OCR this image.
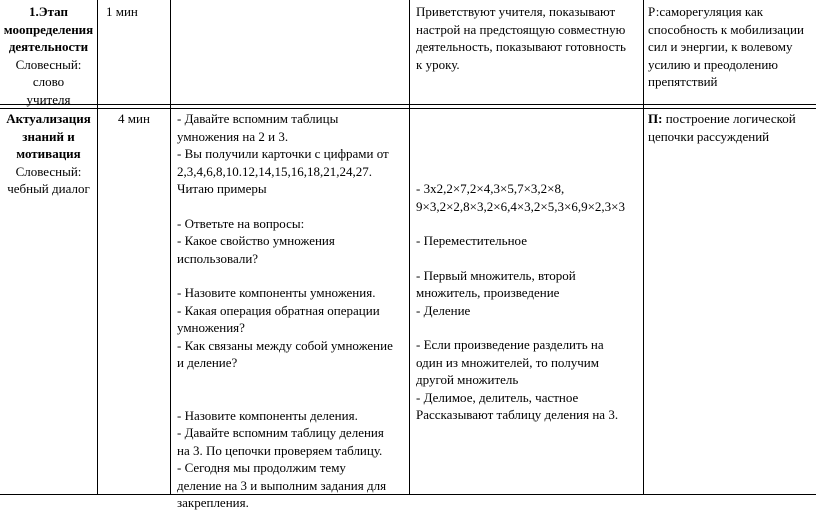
1.Этап
моопределения
деятельности
Словесный: слово
учителя
1 мин	Приветствуют учителя, показывают
настрой на предстоящую совместную
деятельность, показывают готовность
к уроку.
Р:саморегуляция как
способность к мобилизации
сил и энергии, к волевому
усилию и преодолению
препятствий
Актуализация
знаний и
мотивация
Словесный:
чебный диалог
4 мин	- Давайте вспомним таблицы
умножения на 2 и 3.
- Вы получили карточки с цифрами от
2,3,4,6,8,10.12,14,15,16,18,21,24,27.
Читаю примеры
- Ответьте на вопросы:
- Какое свойство умножения
использовали?
- Назовите компоненты умножения.
- Какая операция обратная операции
умножения?
- Как связаны между собой умножение
и деление?
- Назовите компоненты деления.
- Давайте вспомним таблицу деления
на 3. По цепочки проверяем таблицу.
- Сегодня мы продолжим тему
деление на 3 и выполним задания для
закрепления.
- 3х2,2×7,2×4,3×5,7×3,2×8,
9×3,2×2,8×3,2×6,4×3,2×5,3×6,9×2,3×3
- Переместительное
- Первый множитель, второй
множитель, произведение
- Деление
- Если произведение разделить на
один из множителей, то получим
другой множитель
- Делимое, делитель, частное
Рассказывают таблицу деления на 3.
П: построение логической
цепочки рассуждений
